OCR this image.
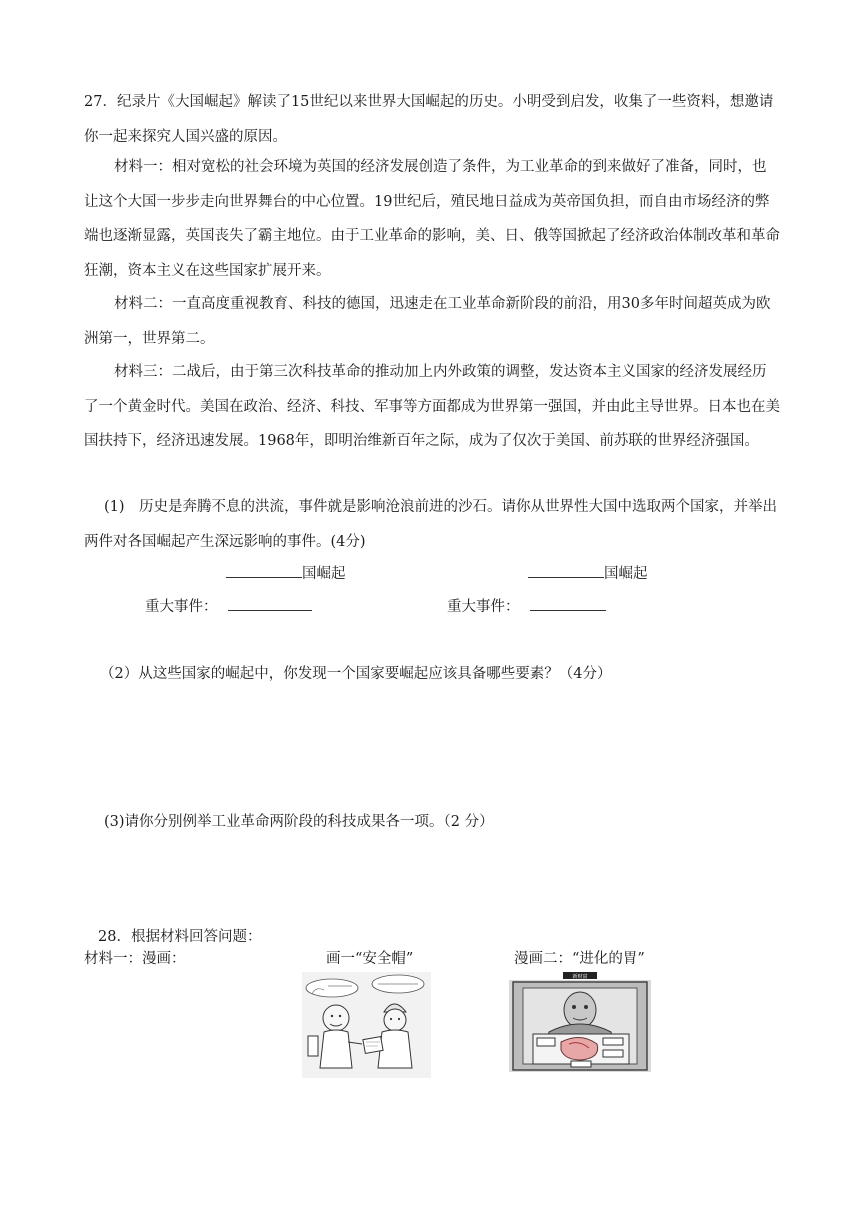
27．纪录片《大国崛起》解读了15世纪以来世界大国崛起的历史。小明受到启发，收集了一些资料，想邀请你一起来探究人国兴盛的原因。
材料一：相对宽松的社会环境为英国的经济发展创造了条件，为工业革命的到来做好了准备，同时，也让这个大国一步步走向世界舞台的中心位置。19世纪后，殖民地日益成为英帝国负担，而自由市场经济的弊端也逐渐显露，英国丧失了霸主地位。由于工业革命的影响，美、日、俄等国掀起了经济政治体制改革和革命狂潮，资本主义在这些国家扩展开来。
材料二：一直高度重视教育、科技的德国，迅速走在工业革命新阶段的前沿，用30多年时间超英成为欧洲第一，世界第二。
材料三：二战后，由于第三次科技革命的推动加上内外政策的调整，发达资本主义国家的经济发展经历了一个黄金时代。美国在政治、经济、科技、军事等方面都成为世界第一强国，并由此主导世界。日本也在美国扶持下，经济迅速发展。1968年，即明治维新百年之际，成为了仅次于美国、前苏联的世界经济强国。
(1)　历史是奔腾不息的洪流，事件就是影响沧浪前进的沙石。请你从世界性大国中选取两个国家，并举出两件对各国崛起产生深远影响的事件。(4分)
国崛起	国崛起
重大事件：	重大事件：
（2）从这些国家的崛起中，你发现一个国家要崛起应该具备哪些要素？（4分）
(3)请你分别例举工业革命两阶段的科技成果各一项。（2 分）
28．根据材料回答问题：
材料一：漫画：	画一“安全帽”	漫画二：“进化的胃”
新财富
